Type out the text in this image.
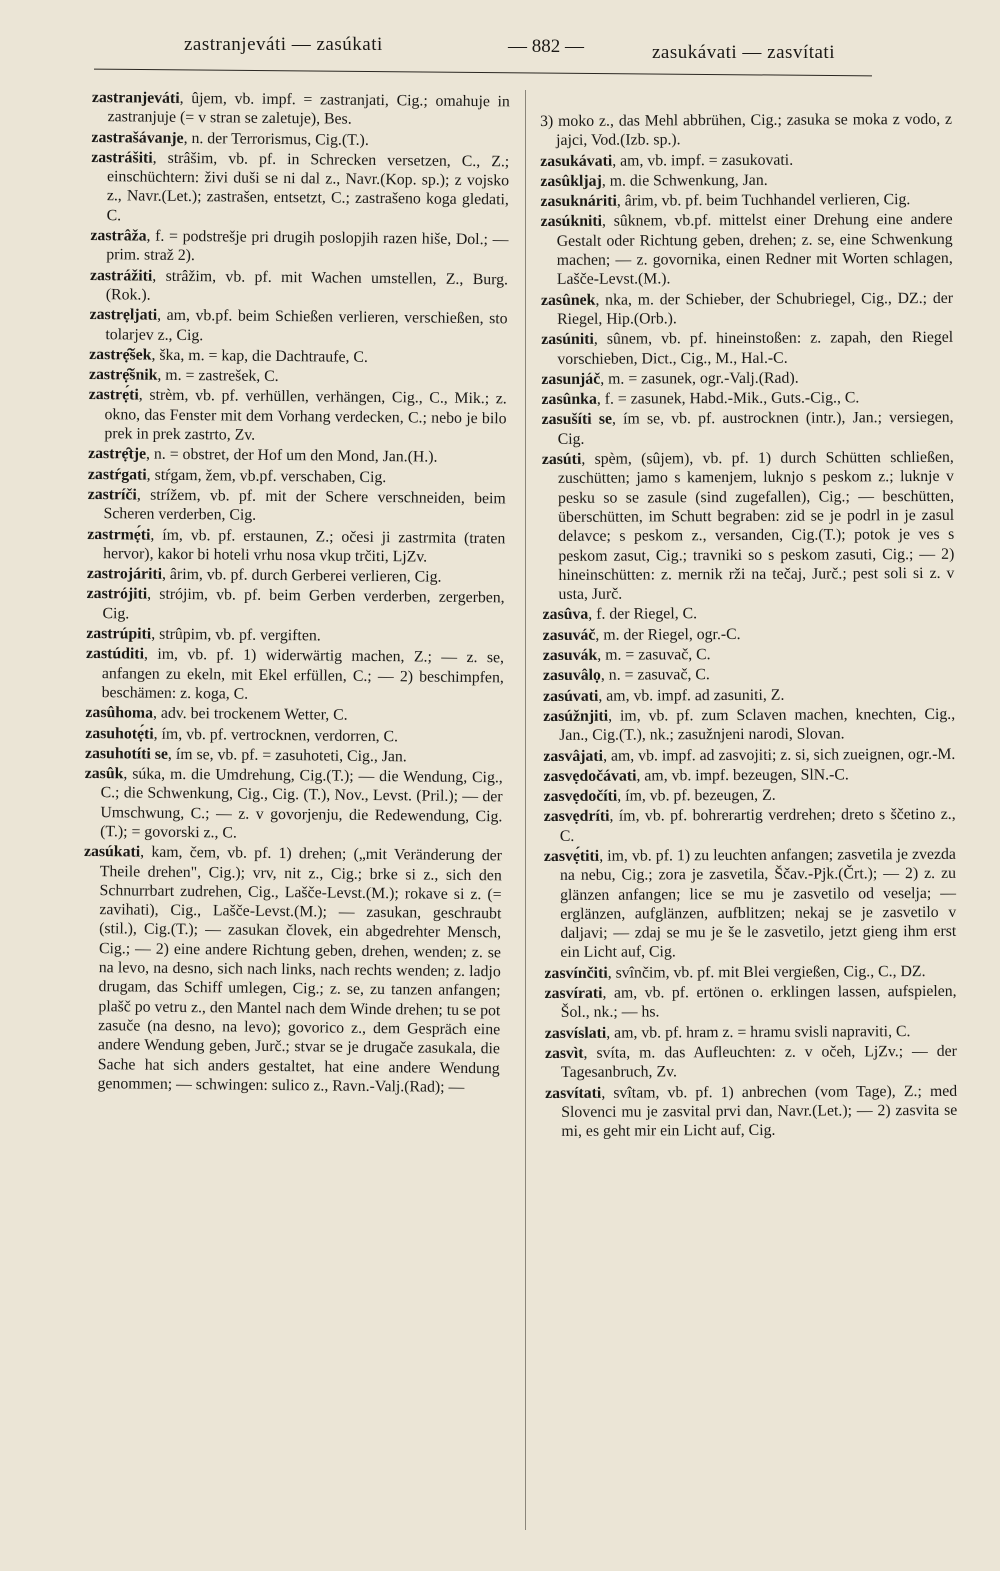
zastranjeváti — zasúkati	— 882 —	zasukávati — zasvítati

zastranjeváti, ûjem, vb. impf. = zastranjati, Cig.; omahuje in zastranjuje (= v stran se zaletuje), Bes.

zastrašávanje, n. der Terrorismus, Cig.(T.).

zastrášiti, strâšim, vb. pf. in Schrecken versetzen, C., Z.; einschüchtern: živi duši se ni dal z., Navr.(Kop. sp.); z vojsko z., Navr.(Let.); zastrašen, entsetzt, C.; zastrašeno koga gledati, C.

zastrâža, f. = podstrešje pri drugih poslopjih razen hiše, Dol.; — prim. straž 2).

zastrážiti, strâžim, vb. pf. mit Wachen umstellen, Z., Burg.(Rok.).

zastrẹljati, am, vb.pf. beim Schießen verlieren, verschießen, sto tolarjev z., Cig.

zastrẹ̑šek, ška, m. = kap, die Dachtraufe, C.

zastrẹ̑šnik, m. = zastrešek, C.

zastrẹ́ti, strèm, vb. pf. verhüllen, verhängen, Cig., C., Mik.; z. okno, das Fenster mit dem Vorhang verdecken, C.; nebo je bilo prek in prek zastrto, Zv.

zastrẹ̑tje, n. = obstret, der Hof um den Mond, Jan.(H.).

zastŕgati, stŕgam, žem, vb.pf. verschaben, Cig.

zastríči, strížem, vb. pf. mit der Schere verschneiden, beim Scheren verderben, Cig.

zastrmẹ́ti, ím, vb. pf. erstaunen, Z.; očesi ji zastrmita (traten hervor), kakor bi hoteli vrhu nosa vkup trčiti, LjZv.

zastrojáriti, ârim, vb. pf. durch Gerberei verlieren, Cig.

zastrójiti, strójim, vb. pf. beim Gerben verderben, zergerben, Cig.

zastrúpiti, strûpim, vb. pf. vergiften.

zastúditi, im, vb. pf. 1) widerwärtig machen, Z.; — z. se, anfangen zu ekeln, mit Ekel erfüllen, C.; — 2) beschimpfen, beschämen: z. koga, C.

zasûhoma, adv. bei trockenem Wetter, C.

zasuhotẹ́ti, ím, vb. pf. vertrocknen, verdorren, C.

zasuhotíti se, ím se, vb. pf. = zasuhoteti, Cig., Jan.

zasûk, súka, m. die Umdrehung, Cig.(T.); — die Wendung, Cig., C.; die Schwenkung, Cig., Cig. (T.), Nov., Levst. (Pril.); — der Umschwung, C.; — z. v govorjenju, die Redewendung, Cig.(T.); = govorski z., C.

zasúkati, kam, čem, vb. pf. 1) drehen; („mit Veränderung der Theile drehen", Cig.); vrv, nit z., Cig.; brke si z., sich den Schnurrbart zudrehen, Cig., Lašče-Levst.(M.); rokave si z. (= zavihati), Cig., Lašče-Levst.(M.); — zasukan, geschraubt (stil.), Cig.(T.); — zasukan človek, ein abgedrehter Mensch, Cig.; — 2) eine andere Richtung geben, drehen, wenden; z. se na levo, na desno, sich nach links, nach rechts wenden; z. ladjo drugam, das Schiff umlegen, Cig.; z. se, zu tanzen anfangen; plašč po vetru z., den Mantel nach dem Winde drehen; tu se pot zasuče (na desno, na levo); govorico z., dem Gespräch eine andere Wendung geben, Jurč.; stvar se je drugače zasukala, die Sache hat sich anders gestaltet, hat eine andere Wendung genommen; — schwingen: sulico z., Ravn.-Valj.(Rad); —

3) moko z., das Mehl abbrühen, Cig.; zasuka se moka z vodo, z jajci, Vod.(Izb. sp.).

zasukávati, am, vb. impf. = zasukovati.

zasûkljaj, m. die Schwenkung, Jan.

zasuknáriti, ârim, vb. pf. beim Tuchhandel verlieren, Cig.

zasúkniti, sûknem, vb.pf. mittelst einer Drehung eine andere Gestalt oder Richtung geben, drehen; z. se, eine Schwenkung machen; — z. govornika, einen Redner mit Worten schlagen, Lašče-Levst.(M.).

zasûnek, nka, m. der Schieber, der Schubriegel, Cig., DZ.; der Riegel, Hip.(Orb.).

zasúniti, sûnem, vb. pf. hineinstoßen: z. zapah, den Riegel vorschieben, Dict., Cig., M., Hal.-C.

zasunjáč, m. = zasunek, ogr.-Valj.(Rad).

zasûnka, f. = zasunek, Habd.-Mik., Guts.-Cig., C.

zasušíti se, ím se, vb. pf. austrocknen (intr.), Jan.; versiegen, Cig.

zasúti, spèm, (sûjem), vb. pf. 1) durch Schütten schließen, zuschütten; jamo s kamenjem, luknjo s peskom z.; luknje v pesku so se zasule (sind zugefallen), Cig.; — beschütten, überschütten, im Schutt begraben: zid se je podrl in je zasul delavce; s peskom z., versanden, Cig.(T.); potok je ves s peskom zasut, Cig.; travniki so s peskom zasuti, Cig.; — 2) hineinschütten: z. mernik rži na tečaj, Jurč.; pest soli si z. v usta, Jurč.

zasûva, f. der Riegel, C.

zasuváč, m. der Riegel, ogr.-C.

zasuvák, m. = zasuvač, C.

zasuvâlọ, n. = zasuvač, C.

zasúvati, am, vb. impf. ad zasuniti, Z.

zasúžnjiti, im, vb. pf. zum Sclaven machen, knechten, Cig., Jan., Cig.(T.), nk.; zasužnjeni narodi, Slovan.

zasvâjati, am, vb. impf. ad zasvojiti; z. si, sich zueignen, ogr.-M.

zasvẹdočávati, am, vb. impf. bezeugen, SlN.-C.

zasvẹdočíti, ím, vb. pf. bezeugen, Z.

zasvẹdríti, ím, vb. pf. bohrerartig verdrehen; dreto s ščetino z., C.

zasvẹ́titi, im, vb. pf. 1) zu leuchten anfangen; zasvetila je zvezda na nebu, Cig.; zora je zasvetila, Ščav.-Pjk.(Črt.); — 2) z. zu glänzen anfangen; lice se mu je zasvetilo od veselja; — erglänzen, aufglänzen, aufblitzen; nekaj se je zasvetilo v daljavi; — zdaj se mu je še le zasvetilo, jetzt gieng ihm erst ein Licht auf, Cig.

zasvínčiti, svînčim, vb. pf. mit Blei vergießen, Cig., C., DZ.

zasvírati, am, vb. pf. ertönen o. erklingen lassen, aufspielen, Šol., nk.; — hs.

zasvíslati, am, vb. pf. hram z. = hramu svisli napraviti, C.

zasvìt, svíta, m. das Aufleuchten: z. v očeh, LjZv.; — der Tagesanbruch, Zv.

zasvítati, svîtam, vb. pf. 1) anbrechen (vom Tage), Z.; med Slovenci mu je zasvital prvi dan, Navr.(Let.); — 2) zasvita se mi, es geht mir ein Licht auf, Cig.
